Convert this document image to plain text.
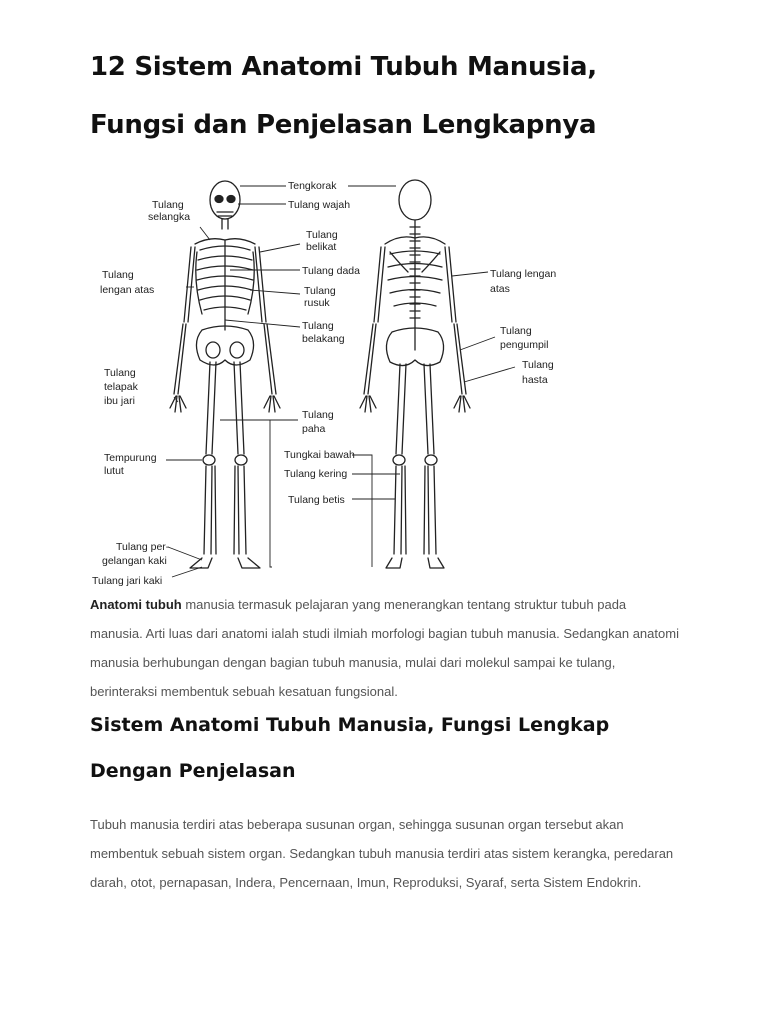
12 Sistem Anatomi Tubuh Manusia, Fungsi dan Penjelasan Lengkapnya
Tengkorak
Tulang wajah
Tulang
selangka
Tulang
belikat
Tulang dada
Tulang
rusuk
Tulang
lengan atas
Tulang lengan
atas
Tulang
belakang
Tulang
pengumpil
Tulang
hasta
Tulang
telapak
ibu jari
Tulang
paha
Tungkai bawah
Tulang kering
Tempurung
lutut
Tulang betis
Tulang per-
gelangan kaki
Tulang jari kaki

Anatomi tubuh manusia termasuk pelajaran yang menerangkan tentang struktur tubuh pada manusia. Arti luas dari anatomi ialah studi ilmiah morfologi bagian tubuh manusia. Sedangkan anatomi manusia berhubungan dengan bagian tubuh manusia, mulai dari molekul sampai ke tulang, berinteraksi membentuk sebuah kesatuan fungsional.

Sistem Anatomi Tubuh Manusia, Fungsi Lengkap Dengan Penjelasan

Tubuh manusia terdiri atas beberapa susunan organ, sehingga susunan organ tersebut akan membentuk sebuah sistem organ. Sedangkan tubuh manusia terdiri atas sistem kerangka, peredaran darah, otot, pernapasan, Indera, Pencernaan, Imun, Reproduksi, Syaraf, serta Sistem Endokrin.
